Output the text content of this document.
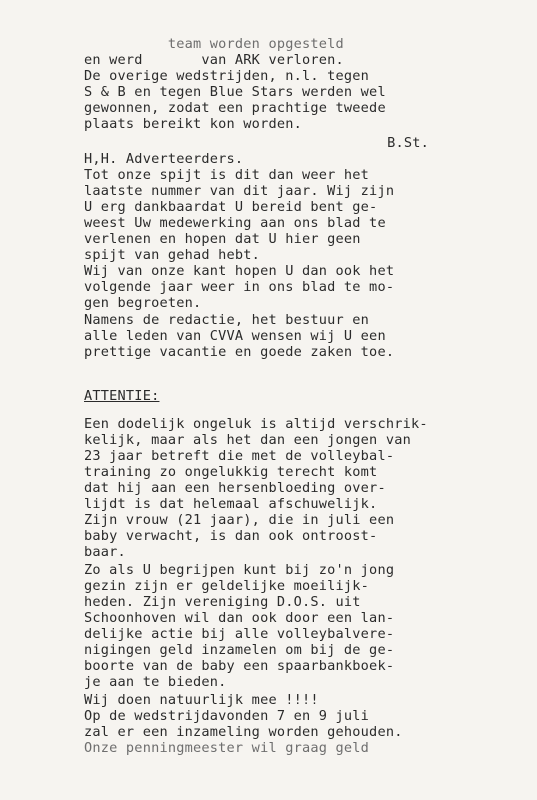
team worden opgesteld
en werd       van ARK verloren.
De overige wedstrijden, n.l. tegen
S & B en tegen Blue Stars werden wel
gewonnen, zodat een prachtige tweede
plaats bereikt kon worden.
B.St.
H,H. Adverteerders.
Tot onze spijt is dit dan weer het
laatste nummer van dit jaar. Wij zijn
U erg dankbaardat U bereid bent ge-
weest Uw medewerking aan ons blad te
verlenen en hopen dat U hier geen
spijt van gehad hebt.
Wij van onze kant hopen U dan ook het
volgende jaar weer in ons blad te mo-
gen begroeten.
Namens de redactie, het bestuur en
alle leden van CVVA wensen wij U een
prettige vacantie en goede zaken toe.
ATTENTIE:
Een dodelijk ongeluk is altijd verschrik-
kelijk, maar als het dan een jongen van
23 jaar betreft die met de volleybal-
training zo ongelukkig terecht komt
dat hij aan een hersenbloeding over-
lijdt is dat helemaal afschuwelijk.
Zijn vrouw (21 jaar), die in juli een
baby verwacht, is dan ook ontroost-
baar.
Zo als U begrijpen kunt bij zo'n jong
gezin zijn er geldelijke moeilijk-
heden. Zijn vereniging D.O.S. uit
Schoonhoven wil dan ook door een lan-
delijke actie bij alle volleybalvere-
nigingen geld inzamelen om bij de ge-
boorte van de baby een spaarbankboek-
je aan te bieden.
Wij doen natuurlijk mee !!!!
Op de wedstrijdavonden 7 en 9 juli
zal er een inzameling worden gehouden.
Onze penningmeester wil graag geld
